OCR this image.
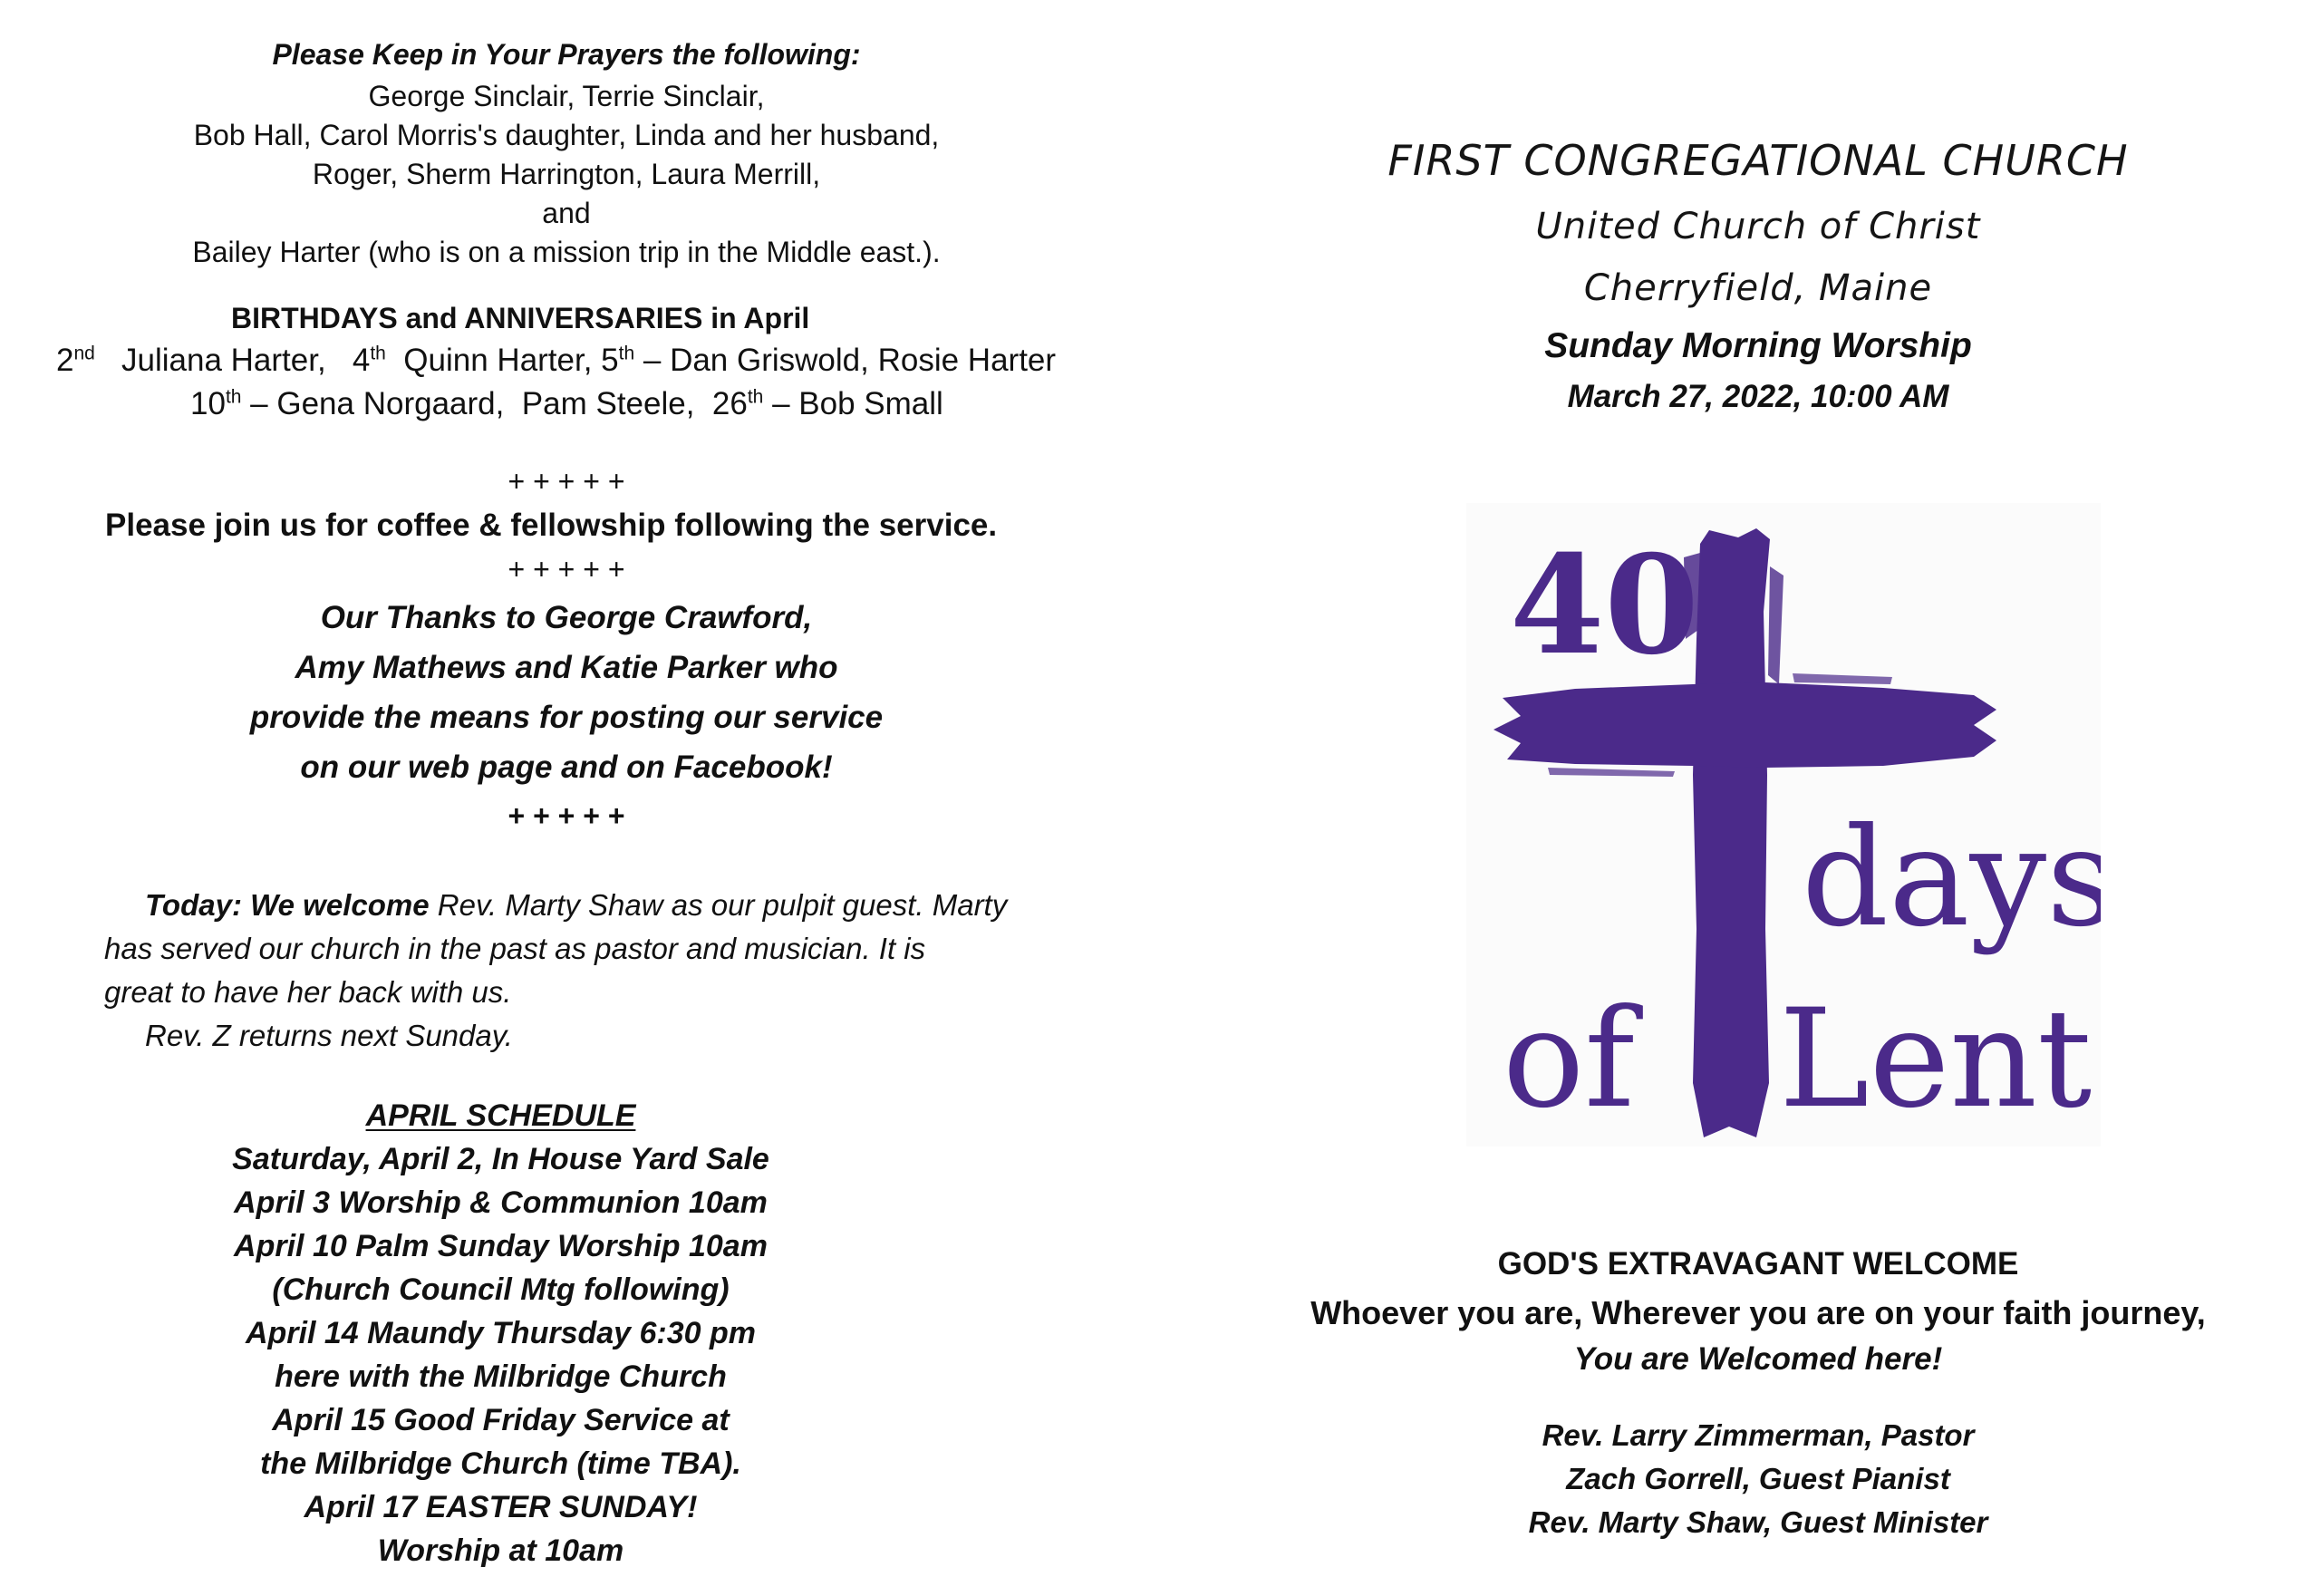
Please Keep in Your Prayers the following:
George Sinclair, Terrie Sinclair,
Bob Hall, Carol Morris's daughter, Linda and her husband,
Roger, Sherm Harrington, Laura Merrill,
and
Bailey Harter (who is on a mission trip in the Middle east.).
BIRTHDAYS and ANNIVERSARIES in April
2nd   Juliana Harter,   4th  Quinn Harter, 5th – Dan Griswold, Rosie Harter
10th – Gena Norgaard,  Pam Steele,  26th – Bob Small
+ + + + +
Please join us for coffee & fellowship following the service.
+ + + + +
Our Thanks to George Crawford,
Amy Mathews and Katie Parker who
provide the means for posting our service
on our web page and on Facebook!
+ + + + +
Today: We welcome Rev. Marty Shaw as our pulpit guest. Marty
has served our church in the past as pastor and musician. It is
great to have her back with us.
Rev. Z returns next Sunday.
APRIL SCHEDULE
Saturday, April 2, In House Yard Sale
April 3 Worship & Communion 10am
April 10 Palm Sunday Worship 10am
(Church Council Mtg following)
April 14 Maundy Thursday 6:30 pm
here with the Milbridge Church
April 15 Good Friday Service at
the Milbridge Church (time TBA).
April 17 EASTER SUNDAY!
Worship at 10am
FIRST CONGREGATIONAL CHURCH
United Church of Christ
Cherryfield, Maine
Sunday Morning Worship
March 27, 2022, 10:00 AM
40
days
of Lent
GOD'S EXTRAVAGANT WELCOME
Whoever you are, Wherever you are on your faith journey,
You are Welcomed here!
Rev. Larry Zimmerman, Pastor
Zach Gorrell, Guest Pianist
Rev. Marty Shaw, Guest Minister
